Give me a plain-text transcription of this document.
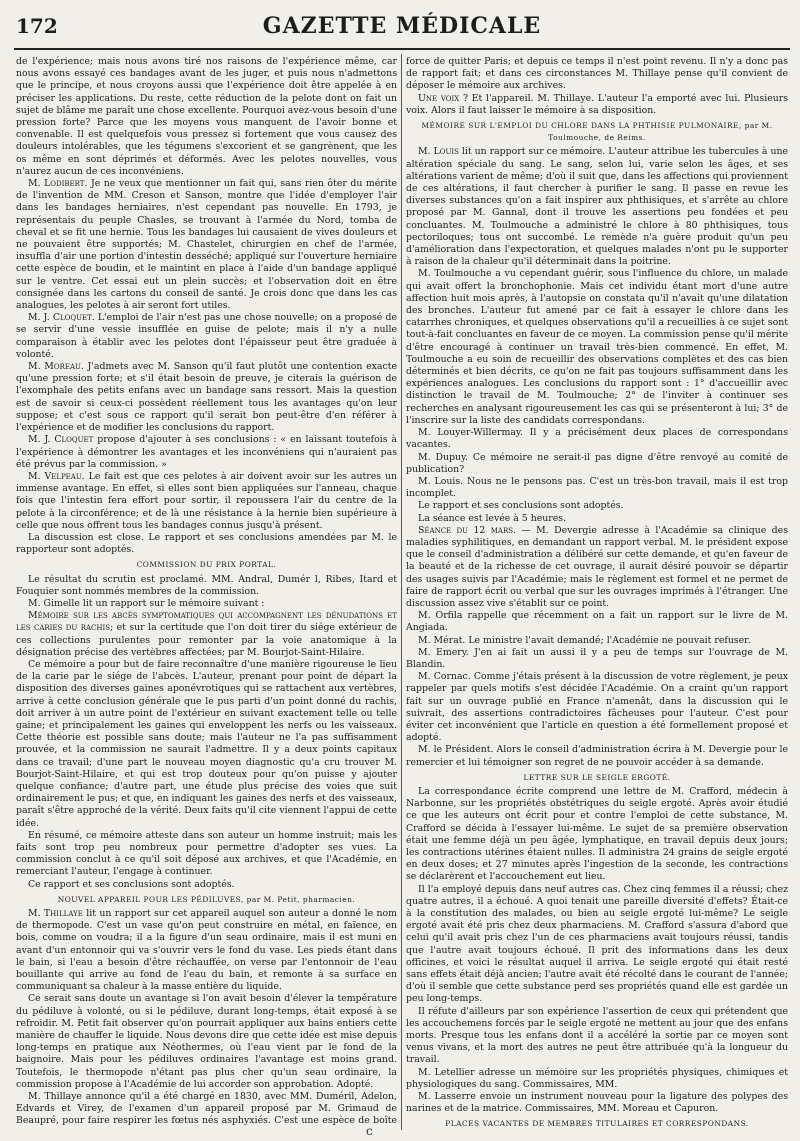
172	GAZETTE MÉDICALE

de l'expérience; mais nous avons tiré nos raisons de l'expérience même, car nous avons essayé ces bandages avant de les juger, et puis nous n'admettons que le principe, et nous croyons aussi que l'expérience doit être appelée à en préciser les applications. Du reste, cette réduction de la pelote dont on fait un sujet de blâme me paraît une chose excellente. Pourquoi avez-vous besoin d'une pression forte? Parce que les moyens vous manquent de l'avoir bonne et convenable. Il est quelquefois vous pressez si fortement que vous causez des douleurs intolérables, que les tégumens s'excorient et se gangrènent, que les os même en sont déprimés et déformés. Avec les pelotes nouvelles, vous n'aurez aucun de ces inconvéniens.

M. Lodibert. Je ne veux que mentionner un fait qui, sans rien ôter du mérite de l'invention de MM. Creson et Sanson, montre que l'idée d'employer l'air dans les bandages herniaires, n'est cependant pas nouvelle. En 1793, je représentais du peuple Chasles, se trouvant à l'armée du Nord, tomba de cheval et se fit une hernie. Tous les bandages lui causaient de vives douleurs et ne pouvaient être supportés; M. Chastelet, chirurgien en chef de l'armée, insuffla d'air une portion d'intestin desséché; appliqué sur l'ouverture herniaire cette espèce de boudin, et le maintint en place à l'aide d'un bandage appliqué sur le ventre. Cet essai eut un plein succès; et l'observation doit en être consignée dans les cartons du conseil de santé. Je crois donc que dans les cas analogues, les pelotes à air seront fort utiles.

M. J. Cloquet. L'emploi de l'air n'est pas une chose nouvelle; on a proposé de se servir d'une vessie insufflée en guise de pelote; mais il n'y a nulle comparaison à établir avec les pelotes dont l'épaisseur peut être graduée à volonté.

M. Moreau. J'admets avec M. Sanson qu'il faut plutôt une contention exacte qu'une pression forte; et s'il était besoin de preuve, je citerais la guérison de l'exomphale des petits enfans avec un bandage sans ressort. Mais la question est de savoir si ceux-ci possèdent réellement tous les avantages qu'on leur suppose; et c'est sous ce rapport qu'il serait bon peut-être d'en référer à l'expérience et de modifier les conclusions du rapport.

M. J. Cloquet propose d'ajouter à ses conclusions : « en laissant toutefois à l'expérience à démontrer les avantages et les inconvéniens qui n'auraient pas été prévus par la commission. »

M. Velpeau. Le fait est que ces pelotes à air doivent avoir sur les autres un immense avantage. En effet, si elles sont bien appliquées sur l'anneau, chaque fois que l'intestin fera effort pour sortir, il repoussera l'air du centre de la pelote à la circonférence; et de là une résistance à la hernie bien supérieure à celle que nous offrent tous les bandages connus jusqu'à présent.

La discussion est close. Le rapport et ses conclusions amendées par M. le rapporteur sont adoptés.

COMMISSION DU PRIX PORTAL.

Le résultat du scrutin est proclamé. MM. Andral, Dumér l, Ribes, Itard et Fouquier sont nommés membres de la commission.

M. Gimelle lit un rapport sur le mémoire suivant :

Mémoire sur les abcès symptomatiques qui accompagnent les dénudations et les caries du rachis; et sur la certitude que l'on doit tirer du siége extérieur de ces collections purulentes pour remonter par la voie anatomique à la désignation précise des vertèbres affectées; par M. Bourjot-Saint-Hilaire.

Ce mémoire a pour but de faire reconnaître d'une manière rigoureuse le lieu de la carie par le siége de l'abcès. L'auteur, prenant pour point de départ la disposition des diverses gaines aponévrotiques qui se rattachent aux vertèbres, arrive à cette conclusion générale que le pus parti d'un point donné du rachis, doit arriver à un autre point de l'extérieur en suivant exactement telle ou telle gaine; et principalement les gaines qui enveloppent les nerfs ou les vaisseaux. Cette théorie est possible sans doute; mais l'auteur ne l'a pas suffisamment prouvée, et la commission ne saurait l'admettre. Il y a deux points capitaux dans ce travail; d'une part le nouveau moyen diagnostic qu'a cru trouver M. Bourjot-Saint-Hilaire, et qui est trop douteux pour qu'on puisse y ajouter quelque confiance; d'autre part, une étude plus précise des voies que suit ordinairement le pus; et que, en indiquant les gaines des nerfs et des vaisseaux, paraît s'être approché de la vérité. Deux faits qu'il cite viennent l'appui de cette idée.

En résumé, ce mémoire atteste dans son auteur un homme instruit; mais les faits sont trop peu nombreux pour permettre d'adopter ses vues. La commission conclut à ce qu'il soit déposé aux archives, et que l'Académie, en remerciant l'auteur, l'engage à continuer.

Ce rapport et ses conclusions sont adoptés.

NOUVEL APPAREIL POUR LES PÉDILUVES, par M. Petit, pharmacien.

M. Thillaye lit un rapport sur cet appareil auquel son auteur a donné le nom de thermopode. C'est un vase qu'on peut construire en métal, en faïence, en bois, comme on voudra; il a la figure d'un seau ordinaire, mais il est muni en avant d'un entonnoir qui va s'ouvrir vers le fond du vase. Les pieds étant dans le bain, si l'eau a besoin d'être réchauffée, on verse par l'entonnoir de l'eau bouillante qui arrive au fond de l'eau du bain, et remonte à sa surface en communiquant sa chaleur à la masse entière du liquide.

Ce serait sans doute un avantage si l'on avait besoin d'élever la température du pédiluve à volonté, ou si le pédiluve, durant long-temps, était exposé à se refroidir. M. Petit fait observer qu'on pourrait appliquer aux bains entiers cette manière de chauffer le liquide. Nous devons dire que cette idée est mise depuis long-temps en pratique aux Néothermes, où l'eau vient par le fond de la baignoire. Mais pour les pédiluves ordinaires l'avantage est moins grand. Toutefois, le thermopode n'étant pas plus cher qu'un seau ordinaire, la commission propose à l'Académie de lui accorder son approbation. Adopté.

M. Thillaye annonce qu'il a été chargé en 1830, avec MM. Duméril, Adelon, Edvards et Virey, de l'examen d'un appareil proposé par M. Grimaud de Beaupré, pour faire respirer les fœtus nés asphyxiés. C'est une espèce de boîte

force de quitter Paris; et depuis ce temps il n'est point revenu. Il n'y a donc pas de rapport fait; et dans ces circonstances M. Thillaye pense qu'il convient de déposer le mémoire aux archives.

Une voix ? Et l'appareil. M. Thillaye. L'auteur l'a emporté avec lui. Plusieurs voix. Alors il faut laisser le mémoire à sa disposition.

MÉMOIRE SUR L'EMPLOI DU CHLORE DANS LA PHTHISIE PULMONAIRE, par M. Toulmouche, de Reims.

M. Louis lit un rapport sur ce mémoire. L'auteur attribue les tubercules à une altération spéciale du sang. Le sang, selon lui, varie selon les âges, et ses altérations varient de même; d'où il suit que, dans les affections qui proviennent de ces altérations, il faut chercher à purifier le sang. Il passe en revue les diverses substances qu'on a fait inspirer aux phthisiques, et s'arrête au chlore proposé par M. Gannal, dont il trouve les assertions peu fondées et peu concluantes. M. Toulmouche a administré le chlore à 80 phthisiques, tous pectoriloques; tous ont succombé. Le remède n'a guère produit qu'un peu d'amélioration dans l'expectoration, et quelques malades n'ont pu le supporter à raison de la chaleur qu'il déterminait dans la poitrine.

M. Toulmouche a vu cependant guérir, sous l'influence du chlore, un malade qui avait offert la bronchophonie. Mais cet individu étant mort d'une autre affection huit mois après, à l'autopsie on constata qu'il n'avait qu'une dilatation des bronches. L'auteur fut amené par ce fait à essayer le chlore dans les catarrhes chroniques, et quelques observations qu'il a recueillies à ce sujet sont tout-à-fait concluantes en faveur de ce moyen. La commission pense qu'il mérite d'être encouragé à continuer un travail très-bien commencé. En effet, M. Toulmouche a eu soin de recueillir des observations complètes et des cas bien déterminés et bien décrits, ce qu'on ne fait pas toujours suffisamment dans les expériences analogues. Les conclusions du rapport sont : 1° d'accueillir avec distinction le travail de M. Toulmouche; 2° de l'inviter à continuer ses recherches en analysant rigoureusement les cas qui se présenteront à lui; 3° de l'inscrire sur la liste des candidats correspondans.

M. Louyer-Willermay. Il y a précisément deux places de correspondans vacantes.

M. Dupuy. Ce mémoire ne serait-il pas digne d'être renvoyé au comité de publication?

M. Louis. Nous ne le pensons pas. C'est un très-bon travail, mais il est trop incomplet.

Le rapport et ses conclusions sont adoptés.

La séance est levée à 5 heures.

Séance du 12 mars. — M. Devergie adresse à l'Académie sa clinique des maladies syphilitiques, en demandant un rapport verbal. M. le président expose que le conseil d'administration a délibéré sur cette demande, et qu'en faveur de la beauté et de la richesse de cet ouvrage, il aurait désiré pouvoir se départir des usages suivis par l'Académie; mais le règlement est formel et ne permet de faire de rapport écrit ou verbal que sur les ouvrages imprimés à l'étranger. Une discussion assez vive s'établit sur ce point.

M. Orfila rappelle que récemment on a fait un rapport sur le livre de M. Angiada.

M. Mérat. Le ministre l'avait demandé; l'Académie ne pouvait refuser.

M. Emery. J'en ai fait un aussi il y a peu de temps sur l'ouvrage de M. Blandin.

M. Cornac. Comme j'étais présent à la discussion de votre règlement, je peux rappeler par quels motifs s'est décidée l'Académie. On a craint qu'un rapport fait sur un ouvrage publié en France n'amenât, dans la discussion qui le suivrait, des assertions contradictoires fâcheuses pour l'auteur. C'est pour éviter cet inconvénient que l'article en question a été formellement proposé et adopté.

M. le Président. Alors le conseil d'administration écrira à M. Devergie pour le remercier et lui témoigner son regret de ne pouvoir accéder à sa demande.

LETTRE SUR LE SEIGLE ERGOTÉ.

La correspondance écrite comprend une lettre de M. Crafford, médecin à Narbonne, sur les propriétés obstétriques du seigle ergoté. Après avoir étudié ce que les auteurs ont écrit pour et contre l'emploi de cette substance, M. Crafford se décida à l'essayer lui-même. Le sujet de sa première observation était une femme déjà un peu âgée, lymphatique, en travail depuis deux jours; les contractions utérines étaient nulles. Il administra 24 grains de seigle ergoté en deux doses; et 27 minutes après l'ingestion de la seconde, les contractions se déclarèrent et l'accouchement eut lieu.

Il l'a employé depuis dans neuf autres cas. Chez cinq femmes il a réussi; chez quatre autres, il a échoué. A quoi tenait une pareille diversité d'effets? Était-ce à la constitution des malades, ou bien au seigle ergoté lui-même? Le seigle ergoté avait été pris chez deux pharmaciens. M. Crafford s'assura d'abord que celui qu'il avait pris chez l'un de ces pharmaciens avait toujours réussi, tandis que l'autre avait toujours échoué. Il prit des informations dans les deux officines, et voici le résultat auquel il arriva. Le seigle ergoté qui était resté sans effets était déjà ancien; l'autre avait été récolté dans le courant de l'année; d'où il semble que cette substance perd ses propriétés quand elle est gardée un peu long-temps.

Il réfute d'ailleurs par son expérience l'assertion de ceux qui prétendent que les accouchemens forcés par le seigle ergoté ne mettent au jour que des enfans morts. Presque tous les enfans dont il a accéléré la sortie par ce moyen sont venus vivans, et la mort des autres ne peut être attribuée qu'à la longueur du travail.

M. Letellier adresse un mémoire sur les propriétés physiques, chimiques et physiologiques du sang. Commissaires, MM.

M. Lasserre envoie un instrument nouveau pour la ligature des polypes des narines et de la matrice. Commissaires, MM. Moreau et Capuron.

PLACES VACANTES DE MEMBRES TITULAIRES ET CORRESPONDANS.

c
